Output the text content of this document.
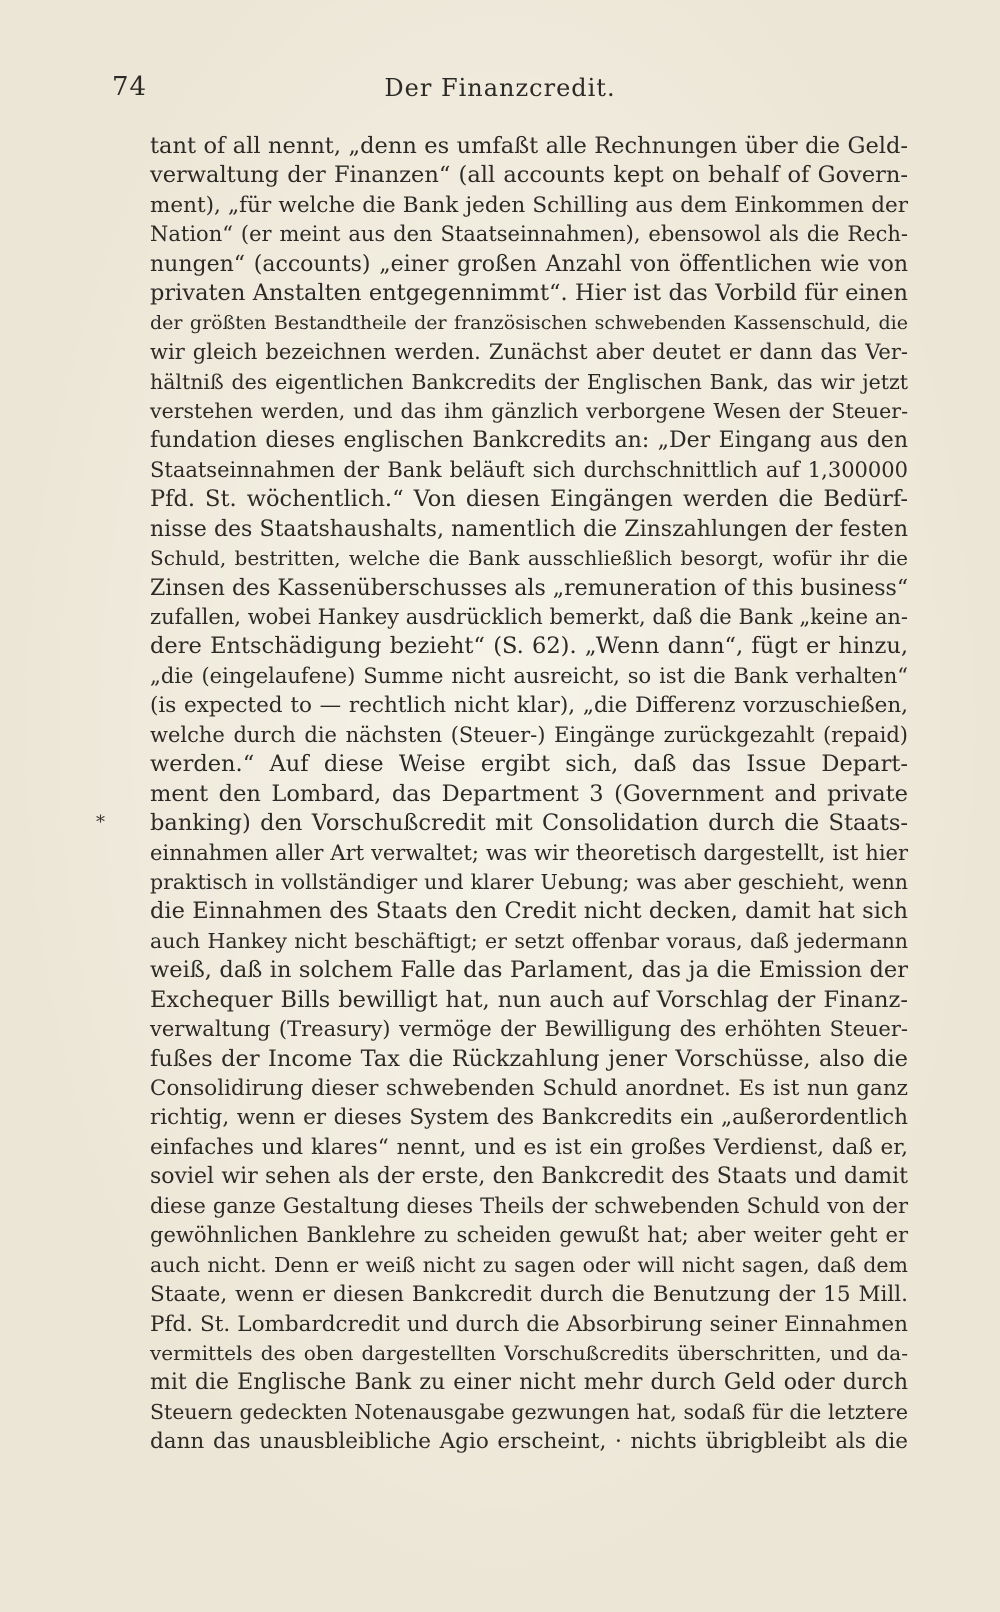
74	Der Finanzcredit.
*
tant of all nennt, „denn es umfaßt alle Rechnungen über die Geld-
verwaltung der Finanzen“ (all accounts kept on behalf of Govern-
ment), „für welche die Bank jeden Schilling aus dem Einkommen der
Nation“ (er meint aus den Staatseinnahmen), ebensowol als die Rech-
nungen“ (accounts) „einer großen Anzahl von öffentlichen wie von
privaten Anstalten entgegennimmt“. Hier ist das Vorbild für einen
der größten Bestandtheile der französischen schwebenden Kassenschuld, die
wir gleich bezeichnen werden. Zunächst aber deutet er dann das Ver-
hältniß des eigentlichen Bankcredits der Englischen Bank, das wir jetzt
verstehen werden, und das ihm gänzlich verborgene Wesen der Steuer-
fundation dieses englischen Bankcredits an: „Der Eingang aus den
Staatseinnahmen der Bank beläuft sich durchschnittlich auf 1,300000
Pfd. St. wöchentlich.“ Von diesen Eingängen werden die Bedürf-
nisse des Staatshaushalts, namentlich die Zinszahlungen der festen
Schuld, bestritten, welche die Bank ausschließlich besorgt, wofür ihr die
Zinsen des Kassenüberschusses als „remuneration of this business“
zufallen, wobei Hankey ausdrücklich bemerkt, daß die Bank „keine an-
dere Entschädigung bezieht“ (S. 62). „Wenn dann“, fügt er hinzu,
„die (eingelaufene) Summe nicht ausreicht, so ist die Bank verhalten“
(is expected to — rechtlich nicht klar), „die Differenz vorzuschießen,
welche durch die nächsten (Steuer-) Eingänge zurückgezahlt (repaid)
werden.“ Auf diese Weise ergibt sich, daß das Issue Depart-
ment den Lombard, das Department 3 (Government and private
banking) den Vorschußcredit mit Consolidation durch die Staats-
einnahmen aller Art verwaltet; was wir theoretisch dargestellt, ist hier
praktisch in vollständiger und klarer Uebung; was aber geschieht, wenn
die Einnahmen des Staats den Credit nicht decken, damit hat sich
auch Hankey nicht beschäftigt; er setzt offenbar voraus, daß jedermann
weiß, daß in solchem Falle das Parlament, das ja die Emission der
Exchequer Bills bewilligt hat, nun auch auf Vorschlag der Finanz-
verwaltung (Treasury) vermöge der Bewilligung des erhöhten Steuer-
fußes der Income Tax die Rückzahlung jener Vorschüsse, also die
Consolidirung dieser schwebenden Schuld anordnet. Es ist nun ganz
richtig, wenn er dieses System des Bankcredits ein „außerordentlich
einfaches und klares“ nennt, und es ist ein großes Verdienst, daß er,
soviel wir sehen als der erste, den Bankcredit des Staats und damit
diese ganze Gestaltung dieses Theils der schwebenden Schuld von der
gewöhnlichen Banklehre zu scheiden gewußt hat; aber weiter geht er
auch nicht. Denn er weiß nicht zu sagen oder will nicht sagen, daß dem
Staate, wenn er diesen Bankcredit durch die Benutzung der 15 Mill.
Pfd. St. Lombardcredit und durch die Absorbirung seiner Einnahmen
vermittels des oben dargestellten Vorschußcredits überschritten, und da-
mit die Englische Bank zu einer nicht mehr durch Geld oder durch
Steuern gedeckten Notenausgabe gezwungen hat, sodaß für die letztere
dann das unausbleibliche Agio erscheint, · nichts übrigbleibt als die
